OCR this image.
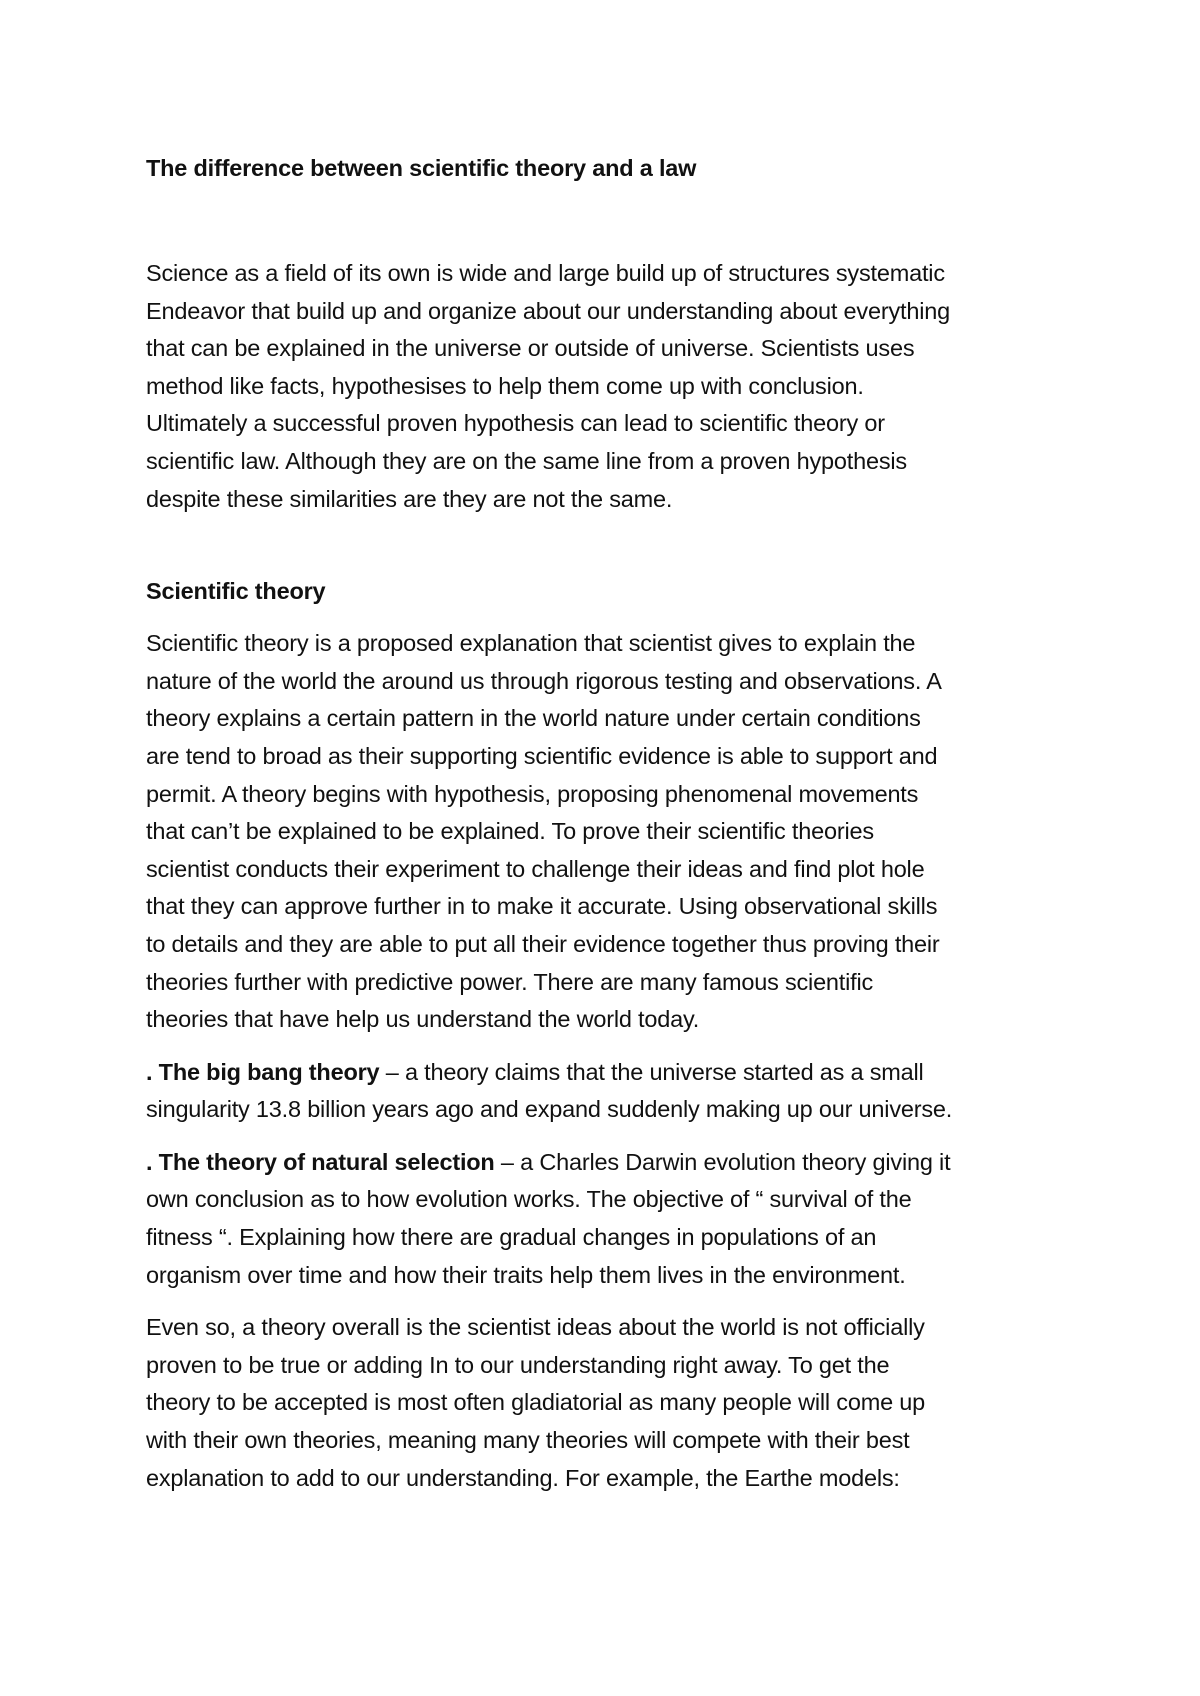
The difference between scientific theory and a law

Science as a field of its own is wide and large build up of structures systematic
Endeavor that build up and organize about our understanding about everything
that can be explained in the universe or outside of universe. Scientists uses
method like facts, hypothesises to help them come up with conclusion.
Ultimately a successful proven hypothesis can lead to scientific theory or
scientific law. Although they are on the same line from a proven hypothesis
despite these similarities are they are not the same.

Scientific theory

Scientific theory is a proposed explanation that scientist gives to explain the
nature of the world the around us through rigorous testing and observations. A
theory explains a certain pattern in the world nature under certain conditions
are tend to broad as their supporting scientific evidence is able to support and
permit. A theory begins with hypothesis, proposing phenomenal movements
that can’t be explained to be explained. To prove their scientific theories
scientist conducts their experiment to challenge their ideas and find plot hole
that they can approve further in to make it accurate. Using observational skills
to details and they are able to put all their evidence together thus proving their
theories further with predictive power. There are many famous scientific
theories that have help us understand the world today.

. The big bang theory – a theory claims that the universe started as a small
singularity 13.8 billion years ago and expand suddenly making up our universe.

. The theory of natural selection – a Charles Darwin evolution theory giving it
own conclusion as to how evolution works. The objective of “ survival of the
fitness “. Explaining how there are gradual changes in populations of an
organism over time and how their traits help them lives in the environment.

Even so, a theory overall is the scientist ideas about the world is not officially
proven to be true or adding In to our understanding right away. To get the
theory to be accepted is most often gladiatorial as many people will come up
with their own theories, meaning many theories will compete with their best
explanation to add to our understanding. For example, the Earthe models:
